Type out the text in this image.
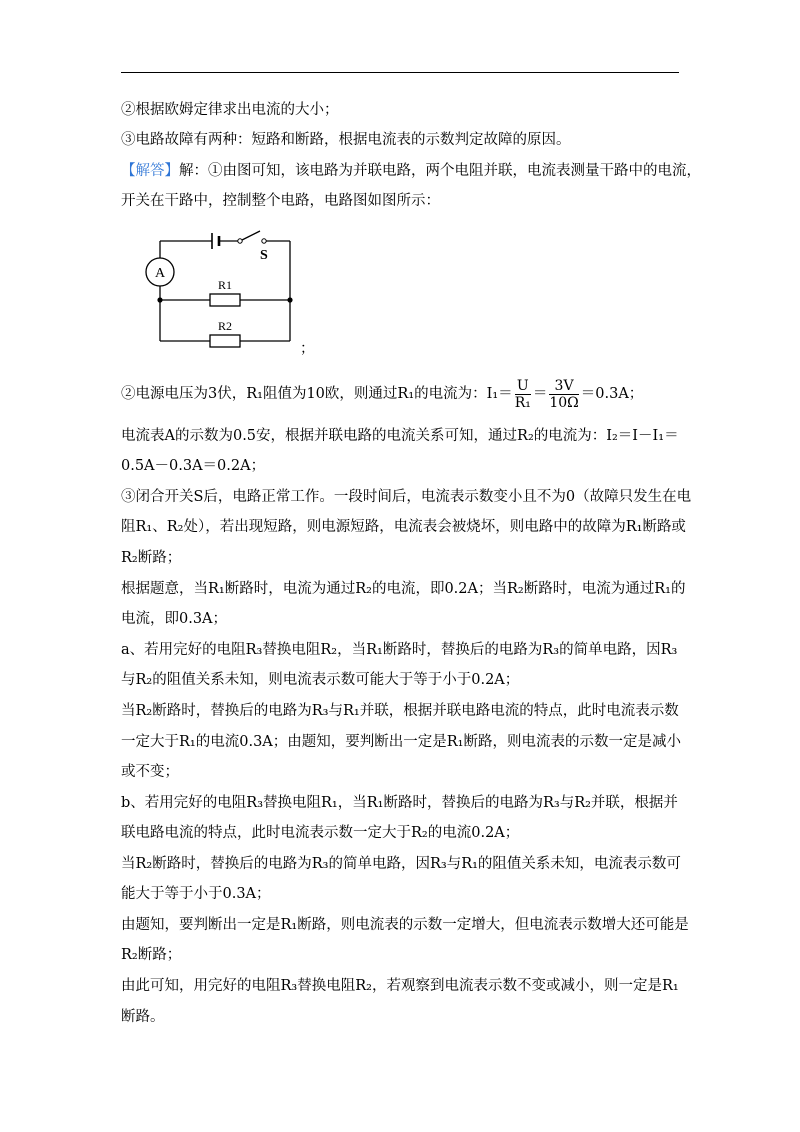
②根据欧姆定律求出电流的大小；
③电路故障有两种：短路和断路，根据电流表的示数判定故障的原因。
【解答】解：①由图可知，该电路为并联电路，两个电阻并联，电流表测量干路中的电流，
开关在干路中，控制整个电路，电路图如图所示：
A
S
R1
R2
；
②电源电压为3伏，R₁阻值为10欧，则通过R₁的电流为：$I_1= \frac{U}{\text{R₁}} = \frac{3V}{10\Omega} =0.3A$；
电流表A的示数为0.5安，根据并联电路的电流关系可知，通过R₂的电流为：I₂＝I－I₁＝
0.5A－0.3A＝0.2A；
③闭合开关S后，电路正常工作。一段时间后，电流表示数变小且不为0（故障只发生在电
阻R₁、R₂处），若出现短路，则电源短路，电流表会被烧坏，则电路中的故障为R₁断路或
R₂断路；
根据题意，当R₁断路时，电流为通过R₂的电流，即0.2A；当R₂断路时，电流为通过R₁的
电流，即0.3A；
a、若用完好的电阻R₃替换电阻R₂，当R₁断路时，替换后的电路为R₃的简单电路，因R₃
与R₂的阻值关系未知，则电流表示数可能大于等于小于0.2A；
当R₂断路时，替换后的电路为R₃与R₁并联，根据并联电路电流的特点，此时电流表示数
一定大于R₁的电流0.3A；由题知，要判断出一定是R₁断路，则电流表的示数一定是减小
或不变；
b、若用完好的电阻R₃替换电阻R₁，当R₁断路时，替换后的电路为R₃与R₂并联，根据并
联电路电流的特点，此时电流表示数一定大于R₂的电流0.2A；
当R₂断路时，替换后的电路为R₃的简单电路，因R₃与R₁的阻值关系未知，电流表示数可
能大于等于小于0.3A；
由题知，要判断出一定是R₁断路，则电流表的示数一定增大，但电流表示数增大还可能是
R₂断路；
由此可知，用完好的电阻R₃替换电阻R₂，若观察到电流表示数不变或减小，则一定是R₁
断路。
